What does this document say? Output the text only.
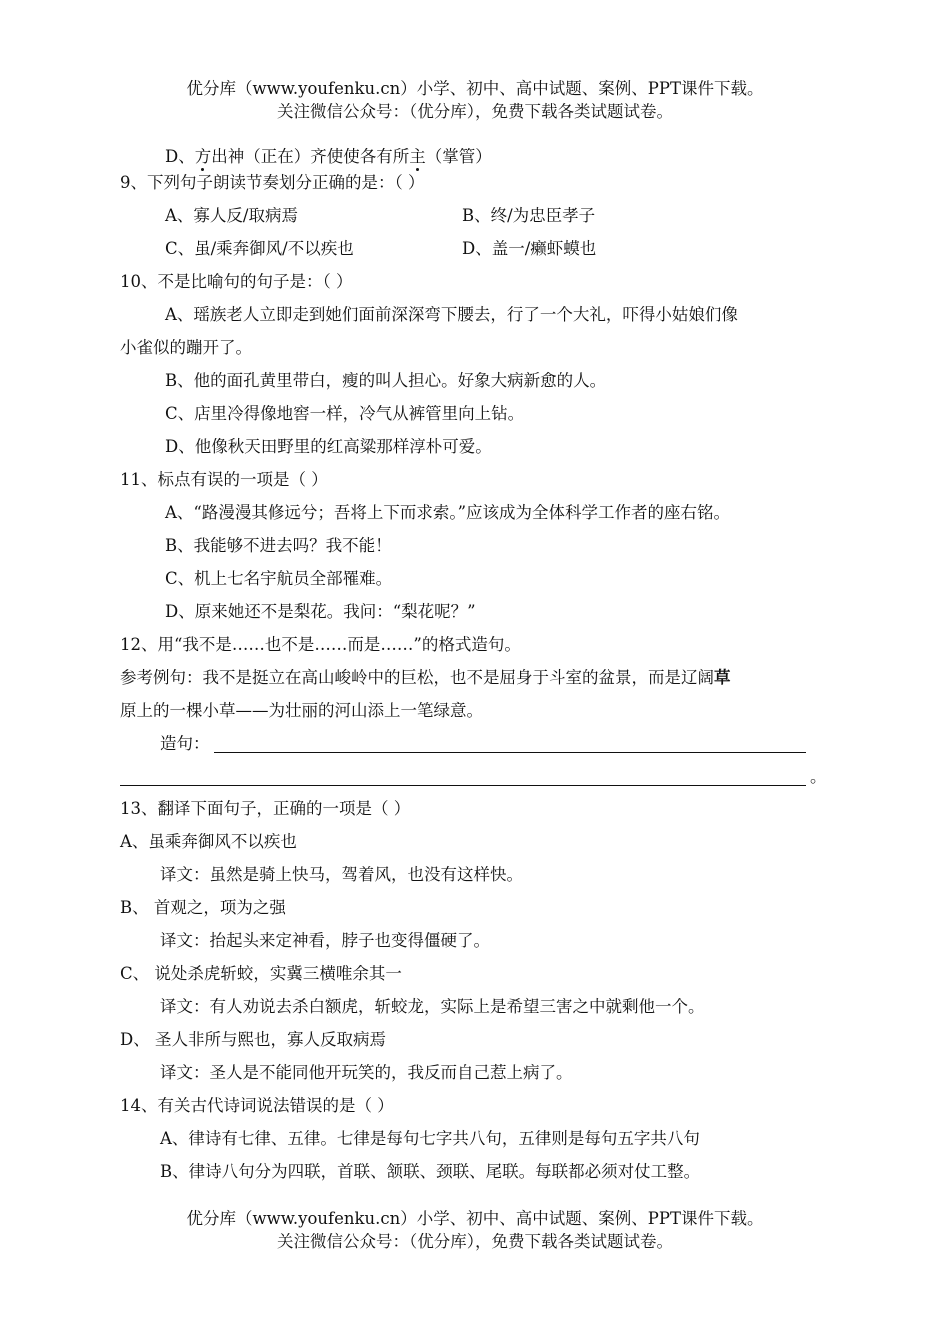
优分库（www.youfenku.cn）小学、初中、高中试题、案例、PPT课件下载。
关注微信公众号：（优分库），免费下载各类试题试卷。
D、方出神（正在）齐使使各有所主（掌管）
9、下列句子朗读节奏划分正确的是：（ ）
A、寡人反/取病焉	B、终/为忠臣孝子
C、虽/乘奔御风/不以疾也	D、盖一/癞虾蟆也
10、不是比喻句的句子是：（ ）
A、瑶族老人立即走到她们面前深深弯下腰去，行了一个大礼，吓得小姑娘们像
小雀似的蹦开了。
B、他的面孔黄里带白，瘦的叫人担心。好象大病新愈的人。
C、店里冷得像地窖一样，冷气从裤管里向上钻。
D、他像秋天田野里的红高粱那样淳朴可爱。
11、标点有误的一项是（ ）
A、“路漫漫其修远兮；吾将上下而求索。”应该成为全体科学工作者的座右铭。
B、我能够不进去吗？我不能！
C、机上七名宇航员全部罹难。
D、原来她还不是梨花。我问：“梨花呢？”
12、用“我不是……也不是……而是……”的格式造句。
参考例句：我不是挺立在高山峻岭中的巨松，也不是屈身于斗室的盆景，而是辽阔草
原上的一棵小草——为壮丽的河山添上一笔绿意。
造句：
。
13、翻译下面句子，正确的一项是（ ）
A、虽乘奔御风不以疾也
译文：虽然是骑上快马，驾着风，也没有这样快。
B、 首观之，项为之强
译文：抬起头来定神看，脖子也变得僵硬了。
C、 说处杀虎斩蛟，实冀三横唯余其一
译文：有人劝说去杀白额虎，斩蛟龙，实际上是希望三害之中就剩他一个。
D、 圣人非所与熙也，寡人反取病焉
译文：圣人是不能同他开玩笑的，我反而自己惹上病了。
14、有关古代诗词说法错误的是（ ）
A、律诗有七律、五律。七律是每句七字共八句，五律则是每句五字共八句
B、律诗八句分为四联，首联、颔联、颈联、尾联。每联都必须对仗工整。
优分库（www.youfenku.cn）小学、初中、高中试题、案例、PPT课件下载。
关注微信公众号：（优分库），免费下载各类试题试卷。
